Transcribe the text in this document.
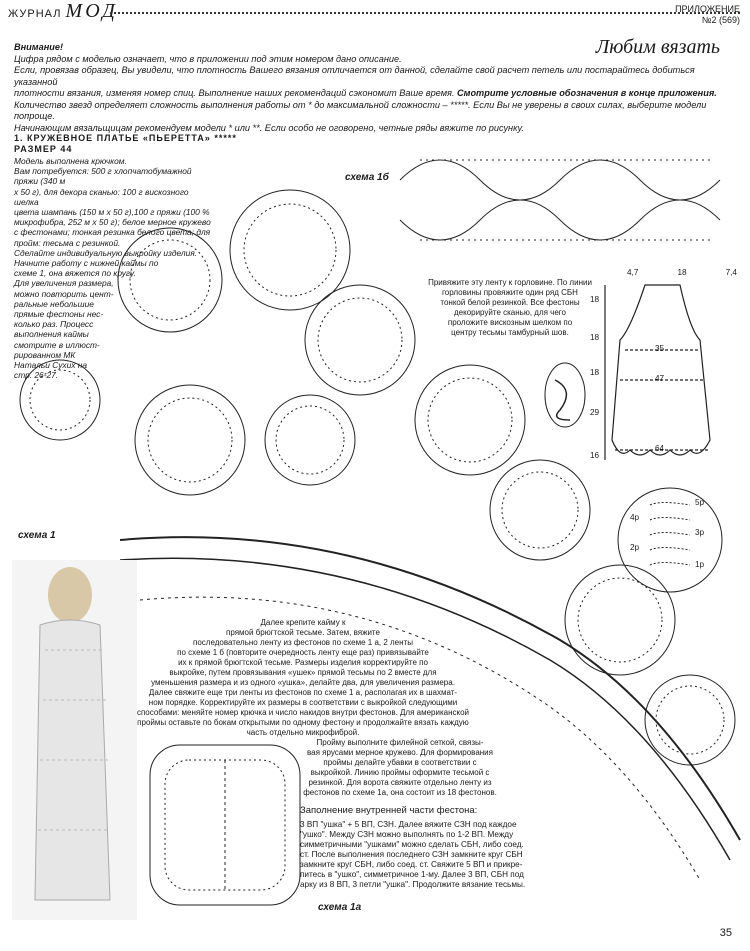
ЖУРНАЛ МОД	ПРИЛОЖЕНИЕ
№2 (569)
Любим вязать
Внимание!
Цифра рядом с моделью означает, что в приложении под этим номером дано описание.
Если, провязав образец, Вы увидели, что плотность Вашего вязания отличается от данной, сделайте свой расчет петель или постарайтесь добиться указанной
плотности вязания, изменяя номер спиц. Выполнение наших рекомендаций сэкономит Ваше время. Смотрите условные обозначения в конце приложения.
Количество звезд определяет сложность выполнения работы от * до максимальной сложности – *****. Если Вы не уверены в своих силах, выберите модели попроще.
Начинающим вязальщицам рекомендуем модели * или **. Если особо не оговорено, четные ряды вяжите по рисунку.
1. КРУЖЕВНОЕ ПЛАТЬЕ «ПЬЕРЕТТА» *****
РАЗМЕР 44

Модель выполнена крючком.

Вам потребуется: 500 г хлопчатобумажной пряжи (340 м

x 50 г), для декора сканью: 100 г вискозного шелка

цвета шампань (150 м х 50 г),100 г пряжи (100 %

микрофибра, 252 м х 50 г); белое мерное кружево

с фестонами; тонкая резинка белого цвета; для

пройм: тесьма с резинкой.

Сделайте индивидуальную выкройку изделия.

Начните работу с нижней каймы по

схеме 1, она вяжется по кругу.

Для увеличения размера,

можно повторить цент-

ральные небольшие

прямые фестоны нес-

колько раз. Процесс

выполнения каймы

смотрите в иллюст-

рированном МК

Натальи Сухих на

стр. 26-27.

схема 1б
схема 1
схема 1а
Привяжите эту ленту к горловине. По линии
горловины провяжите один ряд СБН
тонкой белой резинкой. Все фестоны
декорируйте сканью, для чего
проложите вискозным шелком по
центру тесьмы тамбурный шов.
4,7	18	7,4
18
18
18
29
16
35
47
64
5р
4р
3р
2р
1р
Далее крепите кайму к
прямой брюгтской тесьме. Затем, вяжите
последовательно ленту из фестонов по схеме 1 а, 2 ленты
по схеме 1 б (повторите очередность ленту еще раз) привязывайте
их к прямой брюгтской тесьме. Размеры изделия корректируйте по
выкройке, путем провязывания «ушек» прямой тесьмы по 2 вместе для
уменьшения размера и из одного «ушка», делайте два, для увеличения размера.
Далее свяжите еще три ленты из фестонов по схеме 1 а, располагая их в шахмат-
ном порядке. Корректируйте их размеры в соответствии с выкройкой следующими
способами: меняйте номер крючка и число накидов внутри фестонов. Для американской
проймы оставьте по бокам открытыми по одному фестону и продолжайте вязать каждую
часть отдельно микрофиброй.
Пройму выполните филейной сеткой, связы-
вая ярусами мерное кружево. Для формирования
проймы делайте убавки в соответствии с
выкройкой. Линию проймы оформите тесьмой с
резинкой. Для ворота свяжите отдельно ленту из
фестонов по схеме 1а, она состоит из 18 фестонов.
Заполнение внутренней части фестона:
3 ВП "ушка" + 5 ВП, СЗН. Далее вяжите СЗН под каждое
"ушко". Между СЗН можно выполнять по 1-2 ВП. Между
симметричными "ушками" можно сделать СБН, либо соед.
ст. После выполнения последнего СЗН замкните круг СБН
замкните круг СБН, либо соед. ст. Свяжите 5 ВП и прикре-
питесь в "ушко", симметричное 1-му. Далее 3 ВП, СБН под
арку из 8 ВП, 3 петли "ушка". Продолжите вязание тесьмы.
35
